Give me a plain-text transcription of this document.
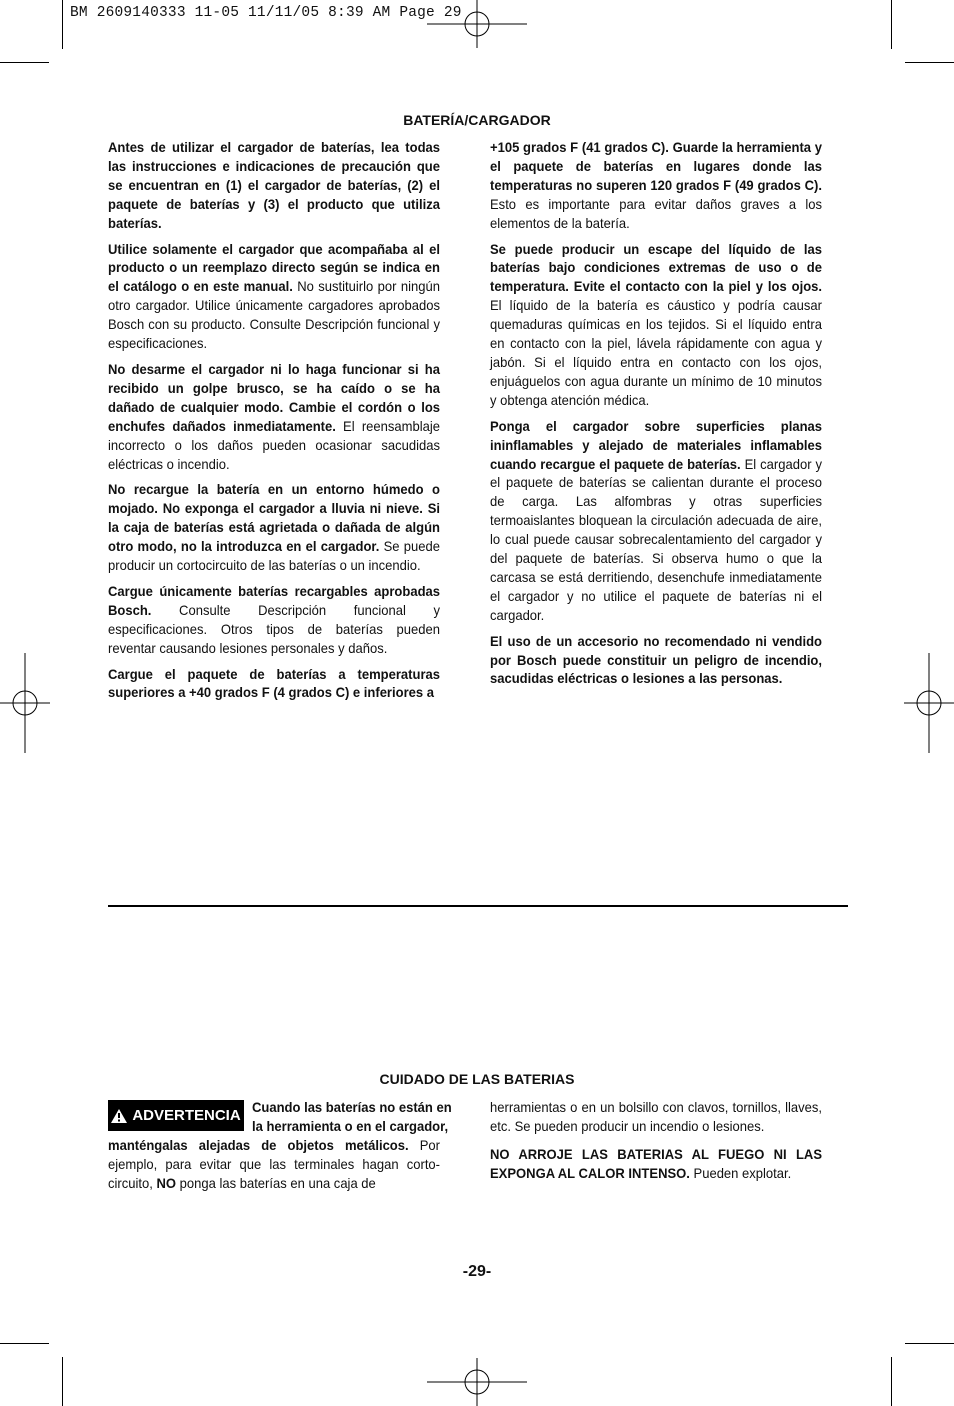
BM 2609140333 11-05 11/11/05 8:39 AM Page 29
BATERÍA/CARGADOR

Antes de utilizar el cargador de baterías, lea todas las instrucciones e indicaciones de precaución que se encuentran en (1) el cargador de baterías, (2) el paquete de baterías y (3) el producto que utiliza baterías.

Utilice solamente el cargador que acompañaba al el producto o un reemplazo directo según se indica en el catálogo o en este manual. No sustituirlo por ningún otro cargador. Utilice únicamente cargadores aprobados Bosch con su producto. Consulte Descripción funcional y especificaciones.

No desarme el cargador ni lo haga funcionar si ha recibido un golpe brusco, se ha caído o se ha dañado de cualquier modo. Cambie el cordón o los enchufes dañados inmediatamente. El reensamblaje incorrecto o los daños pueden ocasionar sacudidas eléctricas o incendio.

No recargue la batería en un entorno húmedo o mojado. No exponga el cargador a lluvia ni nieve. Si la caja de baterías está agrietada o dañada de algún otro modo, no la introduzca en el cargador. Se puede producir un cortocircuito de las baterías o un incendio.

Cargue únicamente baterías recargables aprobadas Bosch. Consulte Descripción funcional y especificaciones. Otros tipos de baterías pueden reventar causando lesiones personales y daños.

Cargue el paquete de baterías a temperaturas superiores a +40 grados F (4 grados C) e inferiores a

+105 grados F (41 grados C). Guarde la herramienta y el paquete de baterías en lugares donde las temperaturas no superen 120 grados F (49 grados C). Esto es importante para evitar daños graves a los elementos de la batería.

Se puede producir un escape del líquido de las baterías bajo condiciones extremas de uso o de temperatura. Evite el contacto con la piel y los ojos. El líquido de la batería es cáustico y podría causar quemaduras químicas en los tejidos. Si el líquido entra en contacto con la piel, lávela rápidamente con agua y jabón. Si el líquido entra en contacto con los ojos, enjuáguelos con agua durante un mínimo de 10 minutos y obtenga atención médica.

Ponga el cargador sobre superficies planas ininflamables y alejado de materiales inflamables cuando recargue el paquete de baterías. El cargador y el paquete de baterías se calientan durante el proceso de carga. Las alfombras y otras superficies termoaislantes bloquean la circulación adecuada de aire, lo cual puede causar sobrecalentamiento del cargador y del paquete de baterías. Si observa humo o que la carcasa se está derritiendo, desenchufe inmediatamente el cargador y no utilice el paquete de baterías ni el cargador.

El uso de un accesorio no recomendado ni vendido por Bosch puede constituir un peligro de incendio, sacudidas eléctricas o lesiones a las personas.

CUIDADO DE LAS BATERIAS
ADVERTENCIA Cuando las baterías no están en la herramienta o en el cargador,

manténgalas alejadas de objetos metálicos. Por ejemplo, para evitar que las terminales hagan corto-circuito, NO ponga las baterías en una caja de

herramientas o en un bolsillo con clavos, tornillos, llaves, etc. Se pueden producir un incendio o lesiones.

NO ARROJE LAS BATERIAS AL FUEGO NI LAS EXPONGA AL CALOR INTENSO. Pueden explotar.

-29-
